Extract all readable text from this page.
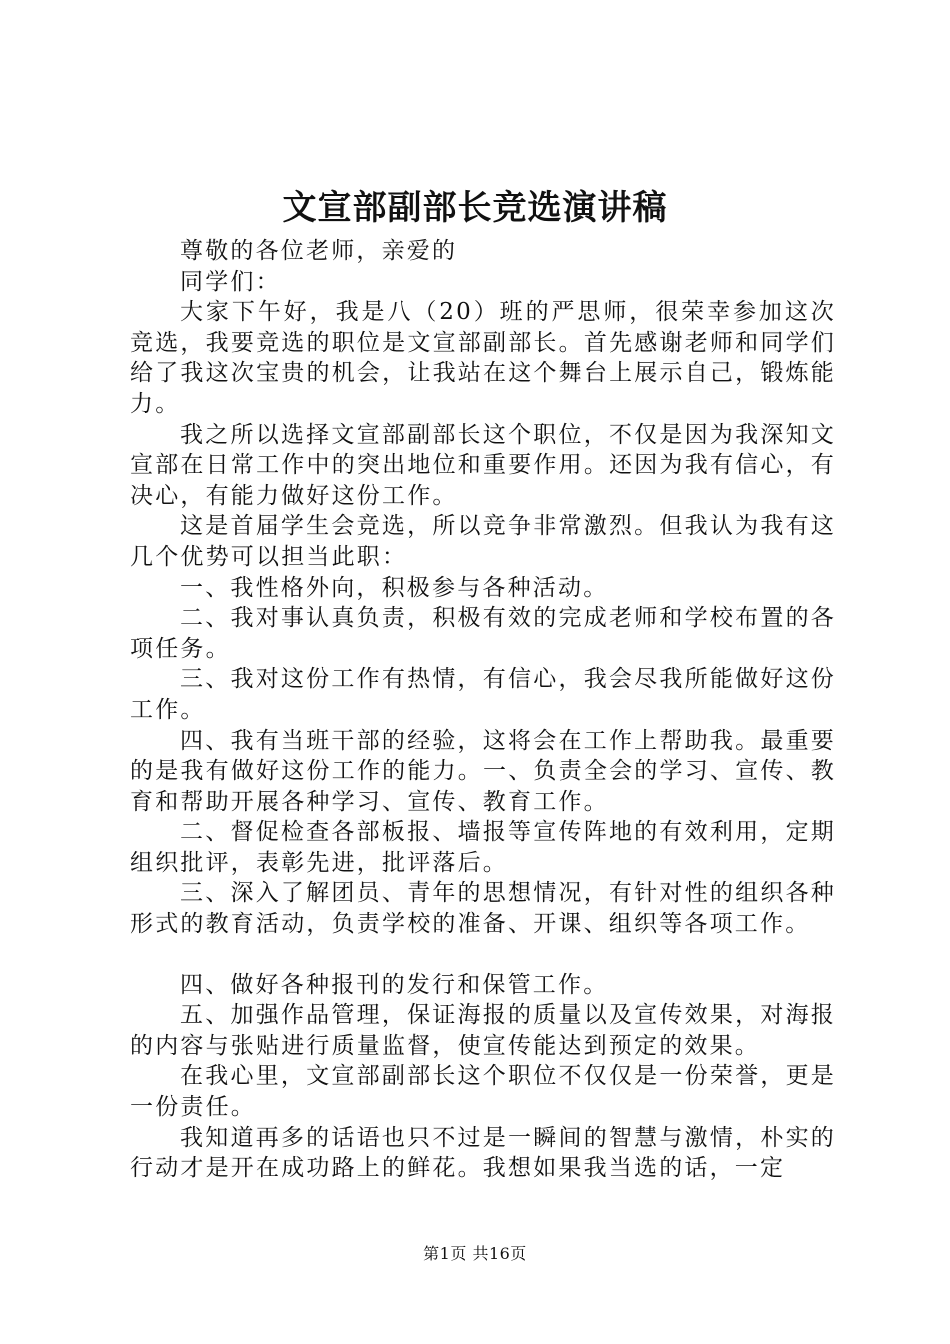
文宣部副部长竞选演讲稿

尊敬的各位老师，亲爱的

同学们：

大家下午好，我是八（20）班的严思师，很荣幸参加这次竞选，我要竞选的职位是文宣部副部长。首先感谢老师和同学们给了我这次宝贵的机会，让我站在这个舞台上展示自己，锻炼能力。

我之所以选择文宣部副部长这个职位，不仅是因为我深知文宣部在日常工作中的突出地位和重要作用。还因为我有信心，有决心，有能力做好这份工作。

这是首届学生会竞选，所以竞争非常激烈。但我认为我有这几个优势可以担当此职：

一、我性格外向，积极参与各种活动。

二、我对事认真负责，积极有效的完成老师和学校布置的各项任务。

三、我对这份工作有热情，有信心，我会尽我所能做好这份工作。

四、我有当班干部的经验，这将会在工作上帮助我。最重要的是我有做好这份工作的能力。一、负责全会的学习、宣传、教育和帮助开展各种学习、宣传、教育工作。

二、督促检查各部板报、墙报等宣传阵地的有效利用，定期组织批评，表彰先进，批评落后。

三、深入了解团员、青年的思想情况，有针对性的组织各种形式的教育活动，负责学校的准备、开课、组织等各项工作。

四、做好各种报刊的发行和保管工作。

五、加强作品管理，保证海报的质量以及宣传效果，对海报的内容与张贴进行质量监督，使宣传能达到预定的效果。

在我心里，文宣部副部长这个职位不仅仅是一份荣誉，更是一份责任。

我知道再多的话语也只不过是一瞬间的智慧与激情，朴实的行动才是开在成功路上的鲜花。我想如果我当选的话，一定

第1页 共16页
